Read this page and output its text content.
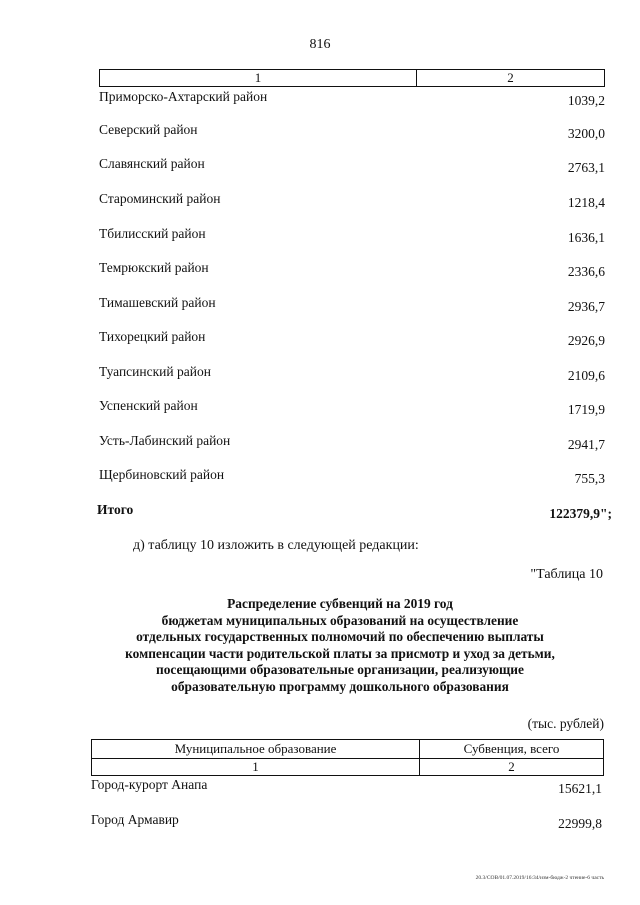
816
1	2
Приморско-Ахтарский район	1039,2
Северский район	3200,0
Славянский район	2763,1
Староминский район	1218,4
Тбилисский район	1636,1
Темрюкский район	2336,6
Тимашевский район	2936,7
Тихорецкий район	2926,9
Туапсинский район	2109,6
Успенский район	1719,9
Усть-Лабинский район	2941,7
Щербиновский район	755,3
Итого	122379,9";
д) таблицу 10 изложить в следующей редакции:
"Таблица 10
Распределение субвенций на 2019 год
бюджетам муниципальных образований на осуществление
отдельных государственных полномочий по обеспечению выплаты
компенсации части родительской платы за присмотр и уход за детьми,
посещающими образовательные организации, реализующие
образовательную программу дошкольного образования
(тыс. рублей)
Муниципальное образование	Субвенция, всего
1	2
Город-курорт Анапа	15621,1
Город Армавир	22999,8
20.3/СОВ/01.07.2019/16:34/изм-бюдж-2 чтение-6 часть
